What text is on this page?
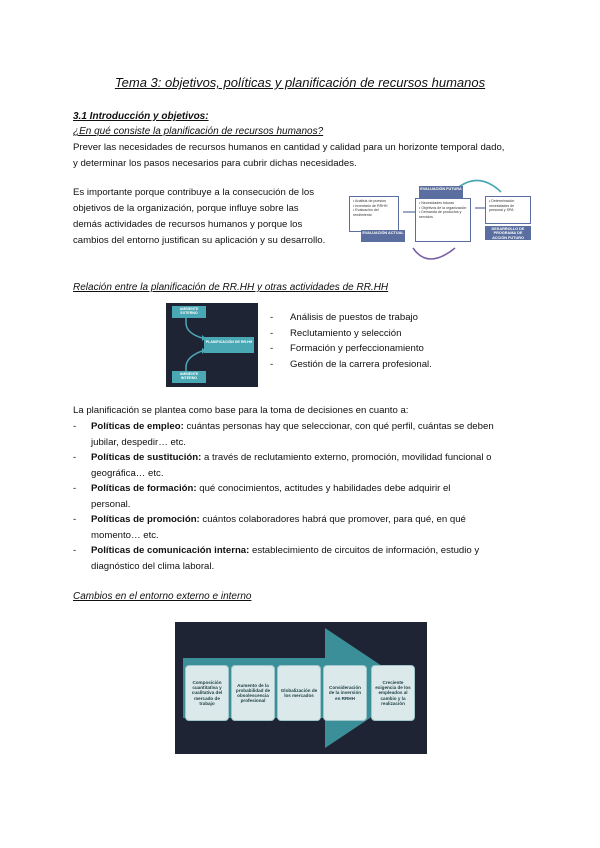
Tema 3: objetivos, políticas y planificación de recursos humanos
3.1 Introducción y objetivos:
¿En qué consiste la planificación de recursos humanos?
Prever las necesidades de recursos humanos en cantidad y calidad para un horizonte temporal dado,
y determinar los pasos necesarios para cubrir dichas necesidades.
Es importante porque contribuye a la consecución de los
objetivos de la organización, porque influye sobre las
demás actividades de recursos humanos y porque los
cambios del entorno justifican su aplicación y su desarrollo.
• Análisis de puestos
• Inventario de RRHH
• Evaluación del rendimiento
EVALUACIÓN ACTUAL
EVALUACIÓN FUTURA
• Necesidades futuras
• Objetivos de la organización
• Demanda de productos y servicios
• Determinación necesidades de personal y SPA
DESARROLLO DE PROGRAMA DE ACCIÓN FUTURO
Relación entre la planificación de RR.HH y otras actividades de RR.HH
AMBIENTE EXTERNO
PLANIFICACIÓN DE RR.HH
AMBIENTE INTERNO
- Análisis de puestos de trabajo
- Reclutamiento y selección
- Formación y perfeccionamiento
- Gestión de la carrera profesional.
La planificación se plantea como base para la toma de decisiones en cuanto a:
- Políticas de empleo: cuántas personas hay que seleccionar, con qué perfil, cuántas se deben
jubilar, despedir… etc.
- Políticas de sustitución: a través de reclutamiento externo, promoción, movilidad funcional o
geográfica… etc.
- Políticas de formación: qué conocimientos, actitudes y habilidades debe adquirir el
personal.
- Políticas de promoción: cuántos colaboradores habrá que promover, para qué, en qué
momento… etc.
- Políticas de comunicación interna: establecimiento de circuitos de información, estudio y
diagnóstico del clima laboral.
Cambios en el entorno externo e interno
Composición cuantitativa y cualitativa del mercado de trabajo
Aumento de la probabilidad de obsolescencia profesional
Globalización de los mercados
Consideración de la inversión en RRHH
Creciente exigencia de los empleados al cambio y la realización
